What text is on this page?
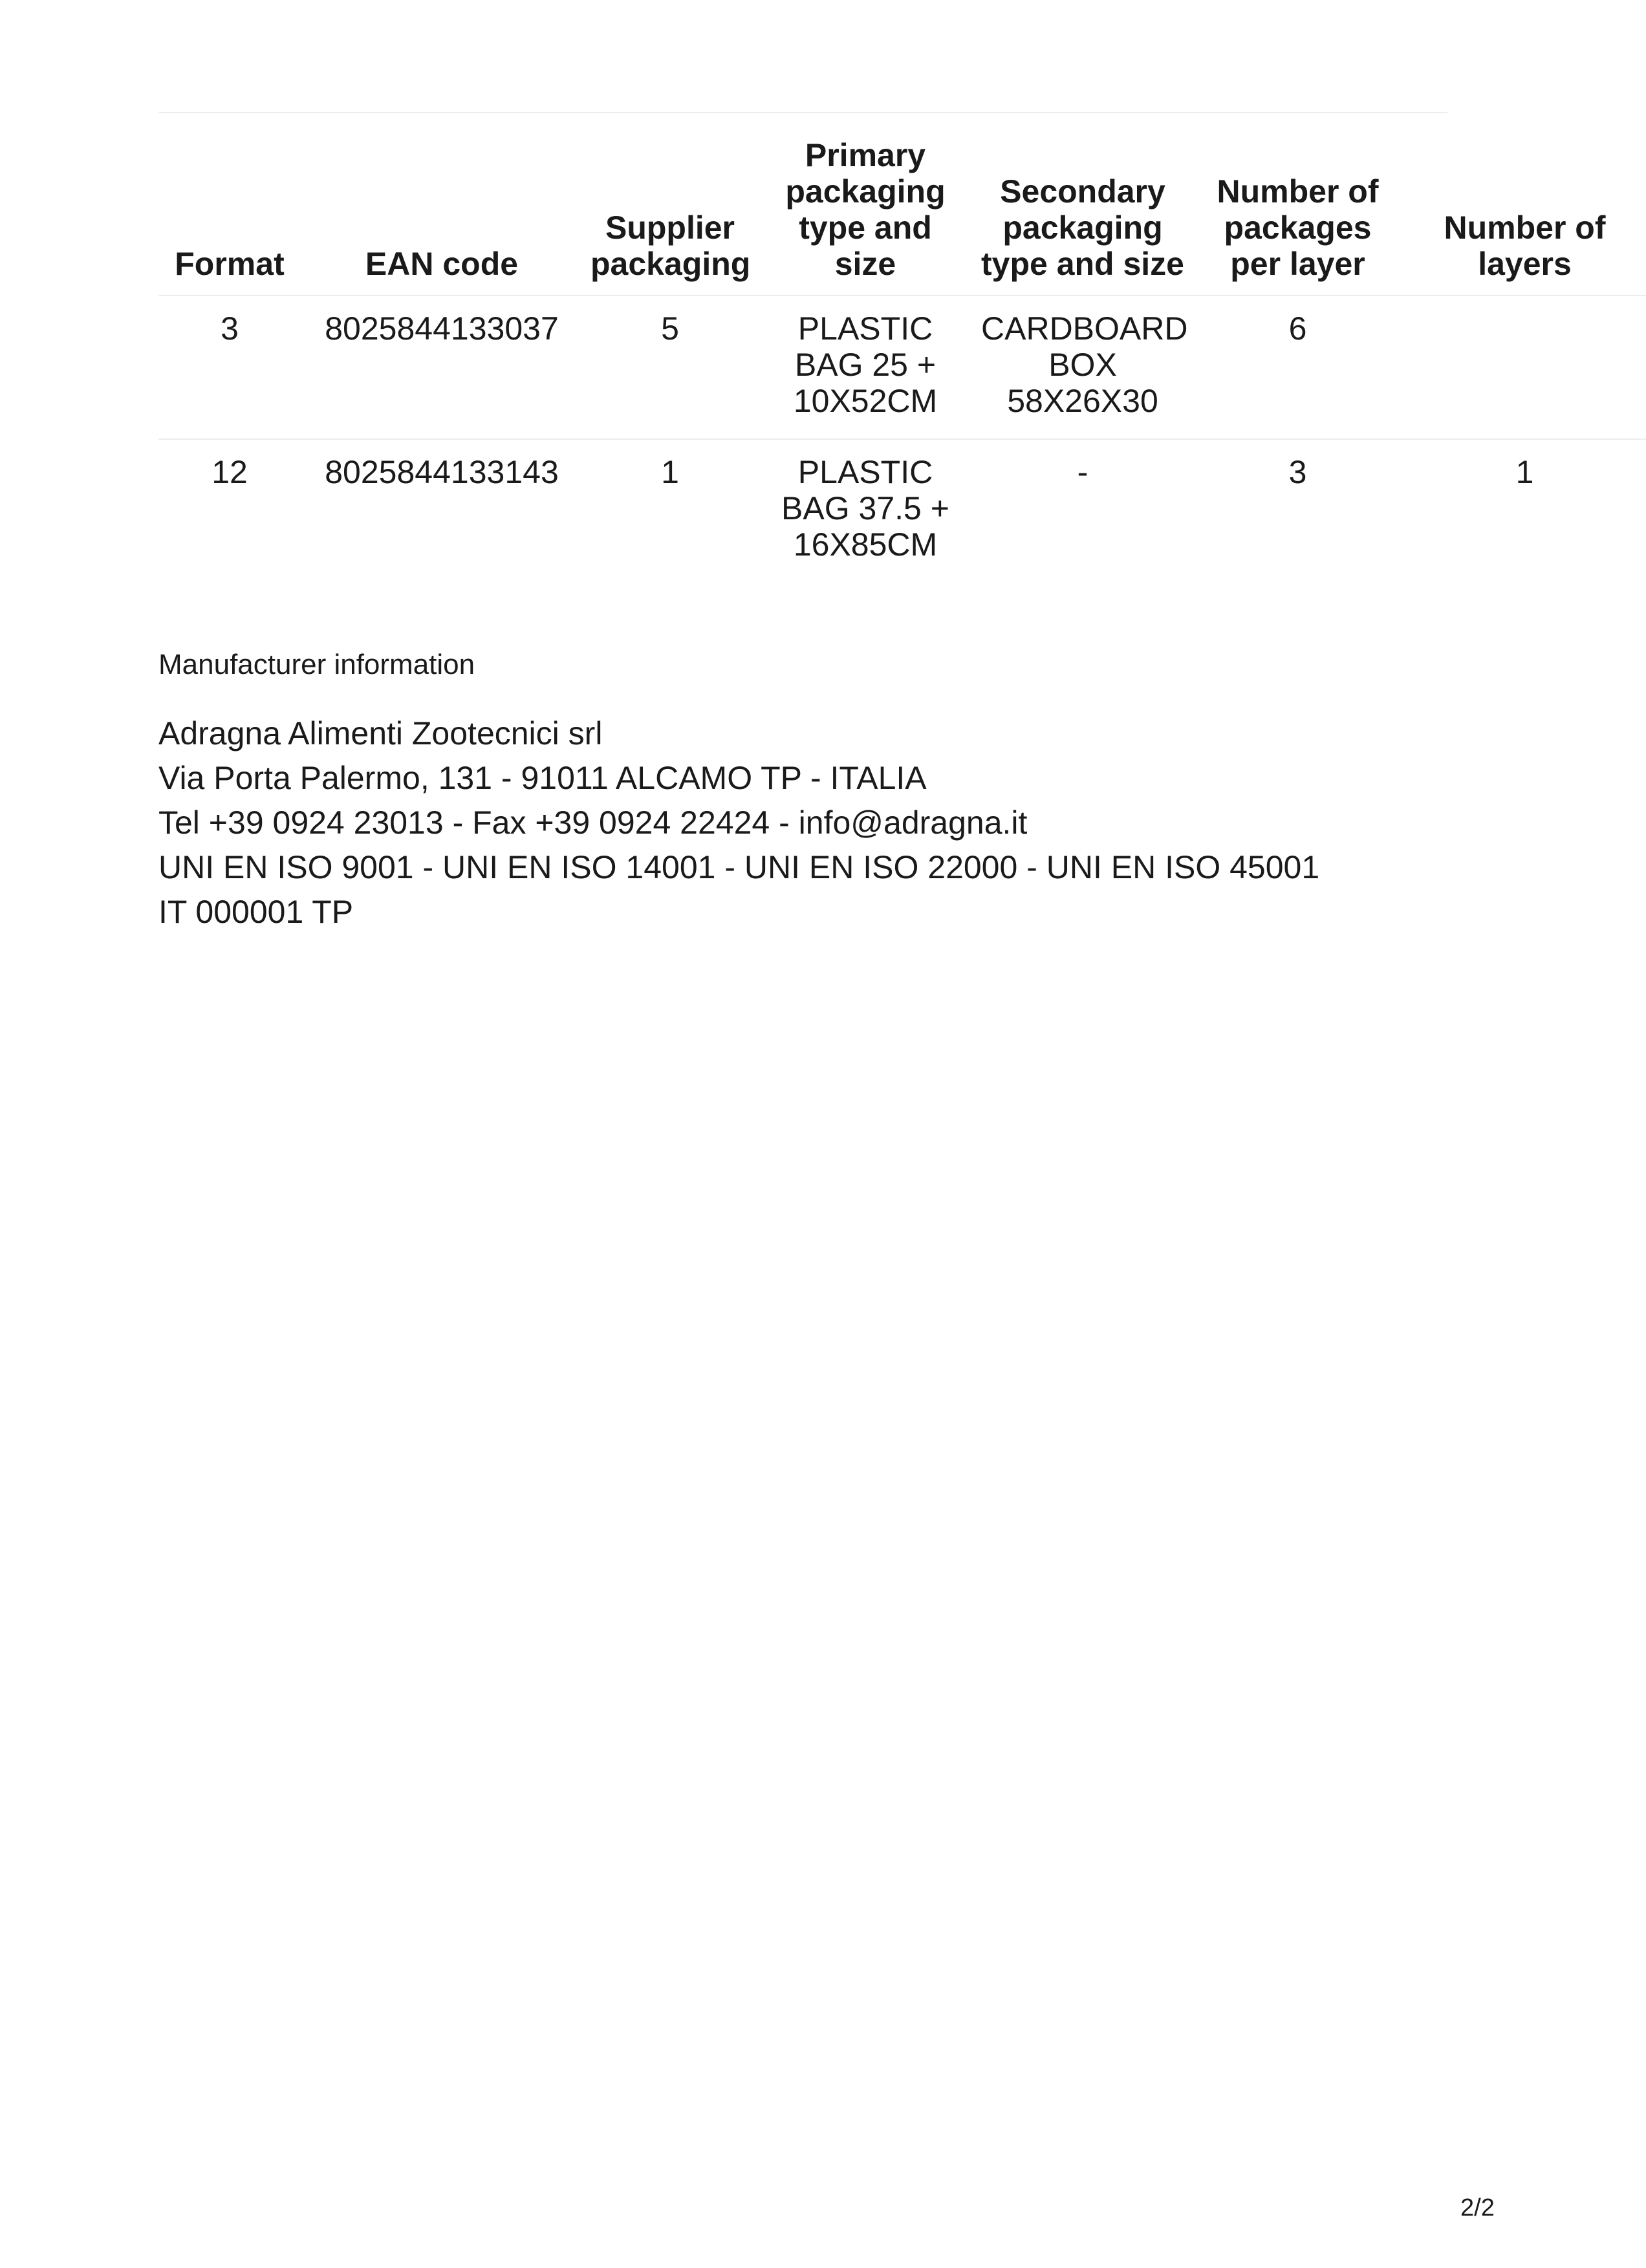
Format	EAN code	Supplier packaging	Primary packaging type and size	Secondary packaging type and size	Number of packages per layer	Number of layers
3	8025844133037	5	PLASTIC BAG 25 + 10X52CM	CARDBOARD BOX 58X26X30	6	
12	8025844133143	1	PLASTIC BAG 37.5 + 16X85CM	-	3	1
Manufacturer information
Adragna Alimenti Zootecnici srl
Via Porta Palermo, 131 - 91011 ALCAMO TP - ITALIA
Tel +39 0924 23013 - Fax +39 0924 22424 - info@adragna.it
UNI EN ISO 9001 - UNI EN ISO 14001 - UNI EN ISO 22000 - UNI EN ISO 45001
IT 000001 TP
2/2
